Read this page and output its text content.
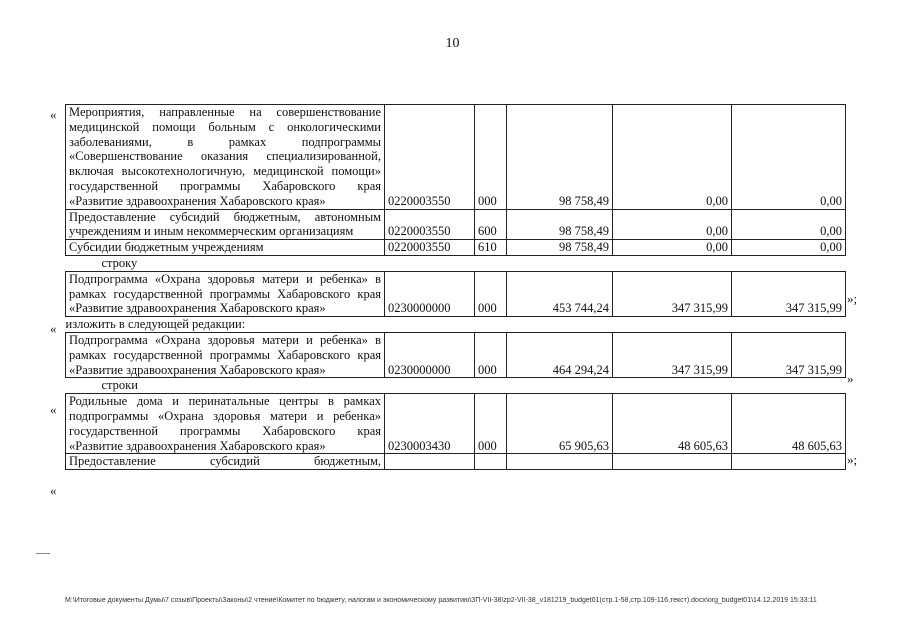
10
«
«
«
«
»;
»
»;
Мероприятия, направленные на совершенствование медицинской помощи больным с онкологическими заболеваниями, в рамках подпрограммы «Совершенствование оказания специализированной, включая высокотехнологичную, медицинской помощи» государственной программы Хабаровского края «Развитие здравоохранения Хабаровского края»	0220003550	000	98 758,49	0,00	0,00
Предоставление субсидий бюджетным, автономным учреждениям и иным некоммерческим организациям	0220003550	600	98 758,49	0,00	0,00
Субсидии бюджетным учреждениям	0220003550	610	98 758,49	0,00	0,00

строку					

Подпрограмма «Охрана здоровья матери и ребенка» в рамках государственной программы Хабаровского края «Развитие здравоохранения Хабаровского края»	0230000000	000	453 744,24	347 315,99	347 315,99

изложить в следующей редакции:					

Подпрограмма «Охрана здоровья матери и ребенка» в рамках государственной программы Хабаровского края «Развитие здравоохранения Хабаровского края»	0230000000	000	464 294,24	347 315,99	347 315,99

строки					

Родильные дома и перинатальные центры в рамках подпрограммы «Охрана здоровья матери и ребенка» государственной программы Хабаровского края «Развитие здравоохранения Хабаровского края»	0230003430	000	65 905,63	48 605,63	48 605,63
Предоставление субсидий бюджетным,					
M:\Итоговые документы Думы\7 созыв\Проекты\Законы\2 чтение\Комитет по бюджету, налогам и экономическому развитию\ЗП-VII-38\zp2-VII-38_v181219_budget01(стр.1-58,стр.109-116,текст).docx\org_budget01\14.12.2019 15:33:11
